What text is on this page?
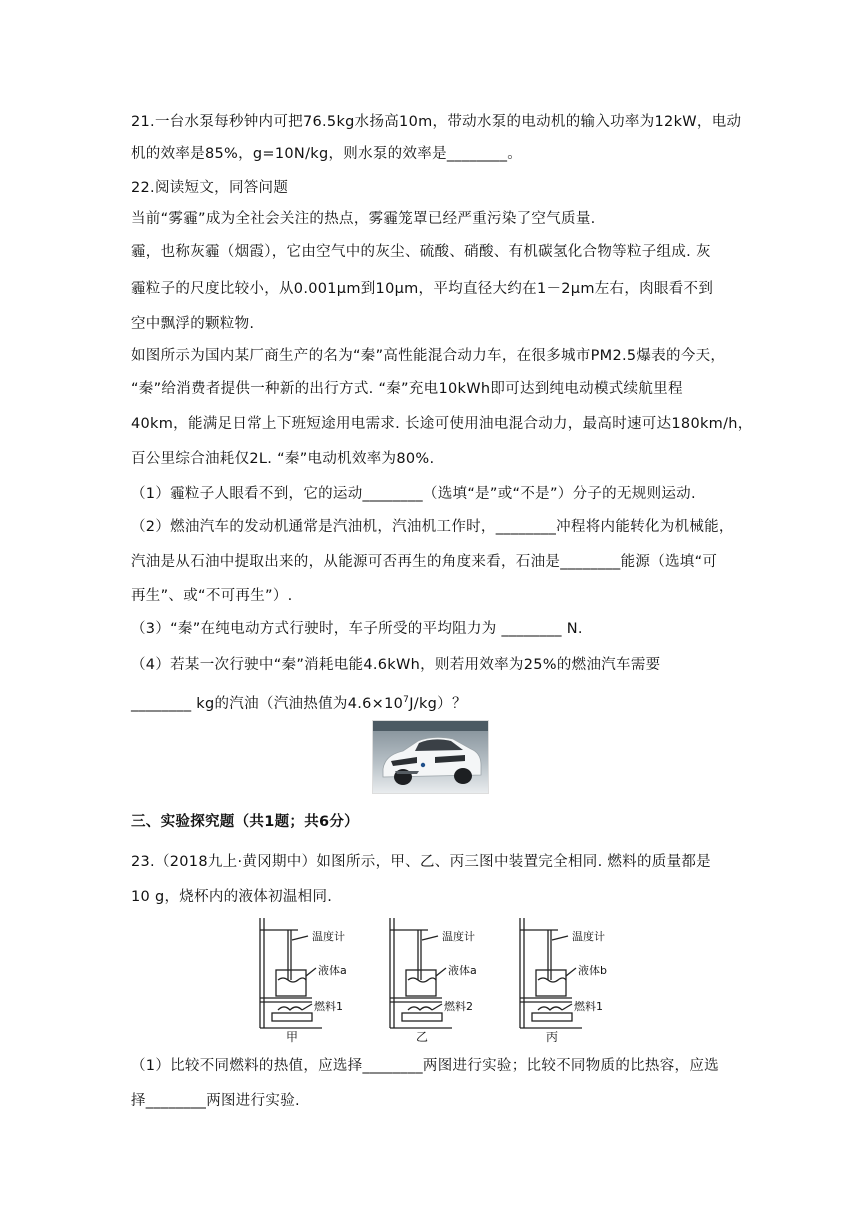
21.一台水泵每秒钟内可把76.5kg水扬高10m，带动水泵的电动机的输入功率为12kW，电动
机的效率是85%，g=10N/kg，则水泵的效率是________。
22.阅读短文，同答问题
当前“雾霾”成为全社会关注的热点，雾霾笼罩已经严重污染了空气质量.
霾，也称灰霾（烟霞），它由空气中的灰尘、硫酸、硝酸、有机碳氢化合物等粒子组成. 灰
霾粒子的尺度比较小，从0.001μm到10μm，平均直径大约在1－2μm左右，肉眼看不到
空中飘浮的颗粒物.
如图所示为国内某厂商生产的名为“秦”高性能混合动力车，在很多城市PM2.5爆表的今天，
“秦”给消费者提供一种新的出行方式. “秦”充电10kWh即可达到纯电动模式续航里程
40km，能满足日常上下班短途用电需求. 长途可使用油电混合动力，最高时速可达180km/h，
百公里综合油耗仅2L. “秦”电动机效率为80%.
（1）霾粒子人眼看不到，它的运动________（选填“是”或“不是”）分子的无规则运动.
（2）燃油汽车的发动机通常是汽油机，汽油机工作时，________冲程将内能转化为机械能，
汽油是从石油中提取出来的，从能源可否再生的角度来看，石油是________能源（选填“可
再生”、或“不可再生”）.
（3）“秦”在纯电动方式行驶时，车子所受的平均阻力为 ________ N.
（4）若某一次行驶中“秦”消耗电能4.6kWh，则若用效率为25%的燃油汽车需要
________ kg的汽油（汽油热值为$4.6\times 10^7J/kg$）？
三、实验探究题（共1题；共6分）
23.（2018九上·黄冈期中）如图所示，甲、乙、丙三图中装置完全相同. 燃料的质量都是
10 g，烧杯内的液体初温相同.
温度计
液体a
燃料1
甲
温度计
液体a
燃料2
乙
温度计
液体b
燃料1
丙
（1）比较不同燃料的热值，应选择________两图进行实验；比较不同物质的比热容，应选
择________两图进行实验.
